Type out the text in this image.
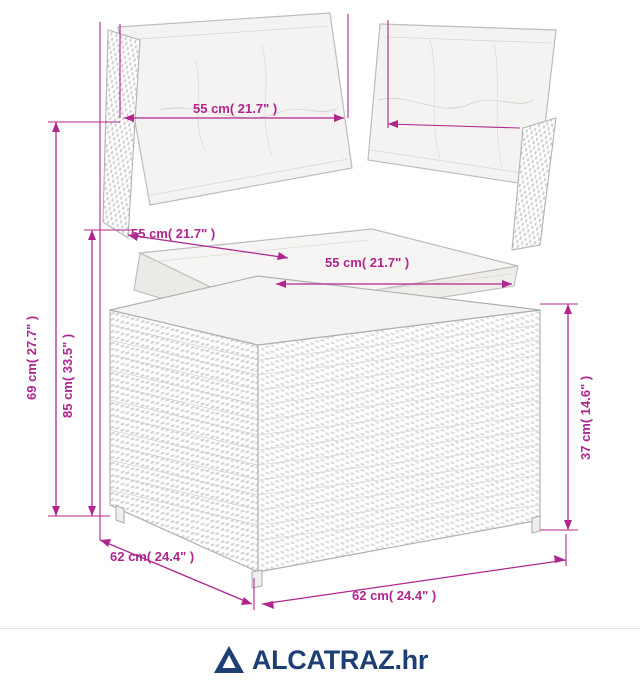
55 cm( 21.7" )
55 cm( 21.7" )
55 cm( 21.7" )
69 cm( 27.7" ) 85 cm( 33.5" )	37 cm( 14.6" )
62 cm( 24.4" )
62 cm( 24.4" )
ALCATRAZ.hr
